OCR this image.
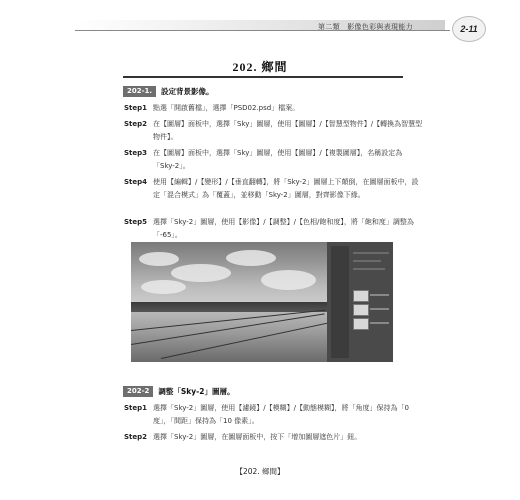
第二類　影像色彩與表現能力	2-11
202. 鄉間
202-1.	設定背景影像。
Step1 點選「開啟舊檔」，選擇「PSD02.psd」檔案。
Step2 在【圖層】面板中，選擇「Sky」圖層，使用【圖層】/【智慧型物件】/【轉換為智慧型物件】。
Step3 在【圖層】面板中，選擇「Sky」圖層，使用【圖層】/【複製圖層】，名稱設定為「Sky-2」。
Step4 使用【編輯】/【變形】/【垂直翻轉】，將「Sky-2」圖層上下顛倒，在圖層面板中，設定「混合模式」為「覆蓋」，並移動「Sky-2」圖層，對齊影像下緣。
Step5 選擇「Sky-2」圖層，使用【影像】/【調整】/【色相/飽和度】，將「飽和度」調整為「-65」。
202-2	調整「Sky-2」圖層。
Step1 選擇「Sky-2」圖層，使用【濾鏡】/【模糊】/【動態模糊】，將「角度」保持為「0 度」，「間距」保持為「10 像素」。
Step2 選擇「Sky-2」圖層，在圖層面板中，按下「增加圖層遮色片」鈕。
【202. 鄉間】
